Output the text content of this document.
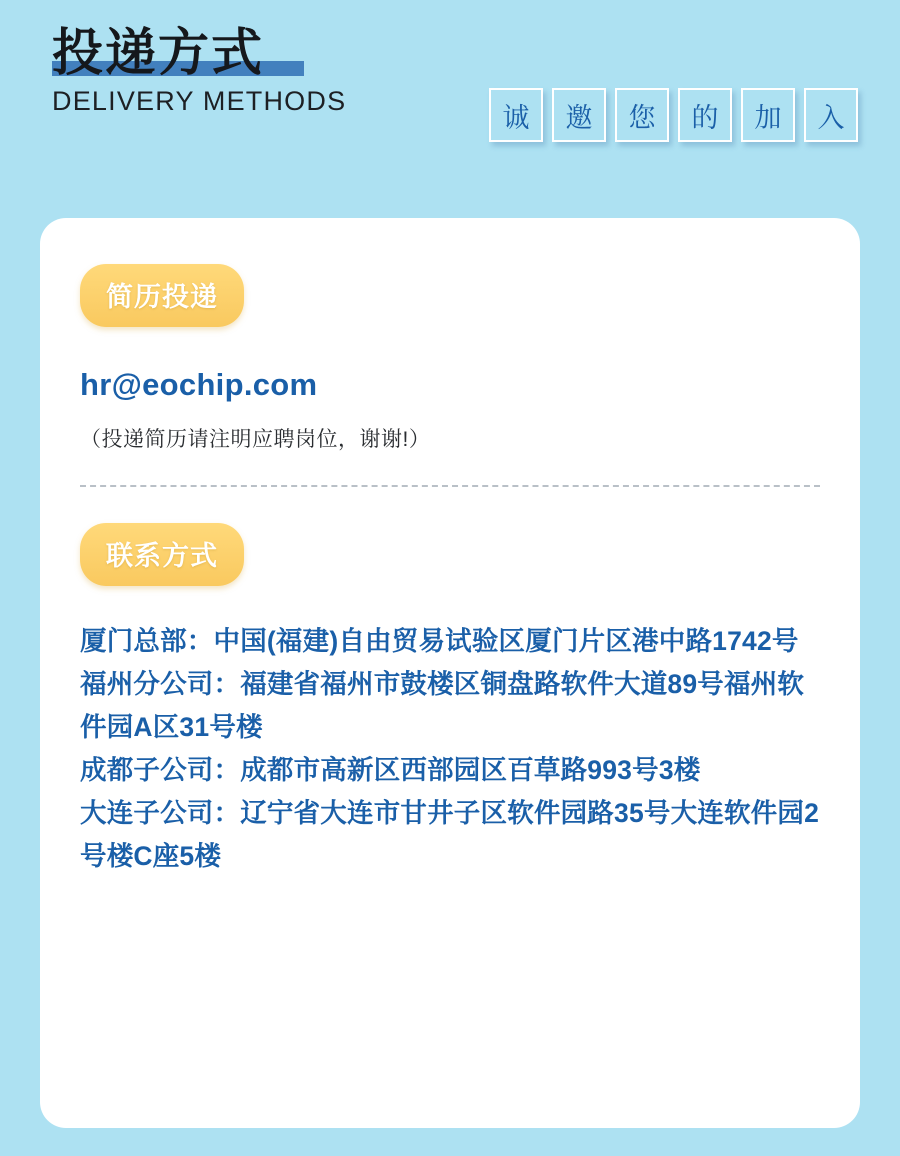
投递方式
DELIVERY METHODS
诚	邀	您	的	加	入
简历投递
hr@eochip.com
（投递简历请注明应聘岗位，谢谢!）
联系方式
厦门总部：中国(福建)自由贸易试验区厦门片区港中路1742号
福州分公司：福建省福州市鼓楼区铜盘路软件大道89号福州软件园A区31号楼
成都子公司：成都市高新区西部园区百草路993号3楼
大连子公司：辽宁省大连市甘井子区软件园路35号大连软件园2号楼C座5楼
